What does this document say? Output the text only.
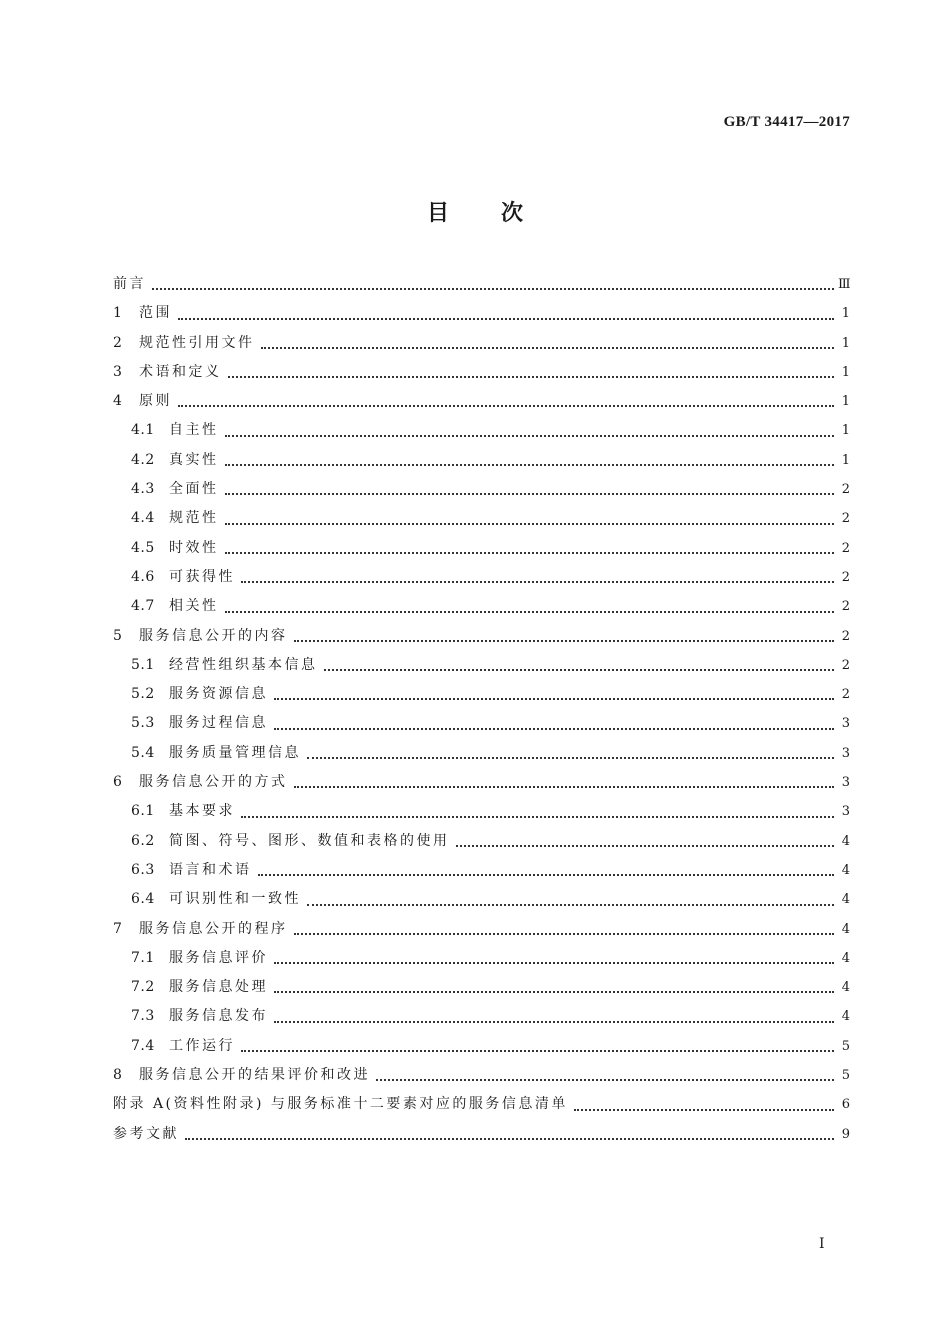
GB/T 34417—2017
目次
前言	Ⅲ
1	范围	1
2	规范性引用文件	1
3	术语和定义	1
4	原则	1
4.1	自主性	1
4.2	真实性	1
4.3	全面性	2
4.4	规范性	2
4.5	时效性	2
4.6	可获得性	2
4.7	相关性	2
5	服务信息公开的内容	2
5.1	经营性组织基本信息	2
5.2	服务资源信息	2
5.3	服务过程信息	3
5.4	服务质量管理信息	3
6	服务信息公开的方式	3
6.1	基本要求	3
6.2	简图、符号、图形、数值和表格的使用	4
6.3	语言和术语	4
6.4	可识别性和一致性	4
7	服务信息公开的程序	4
7.1	服务信息评价	4
7.2	服务信息处理	4
7.3	服务信息发布	4
7.4	工作运行	5
8	服务信息公开的结果评价和改进	5
附录 A(资料性附录) 与服务标准十二要素对应的服务信息清单	6
参考文献	9
Ⅰ
